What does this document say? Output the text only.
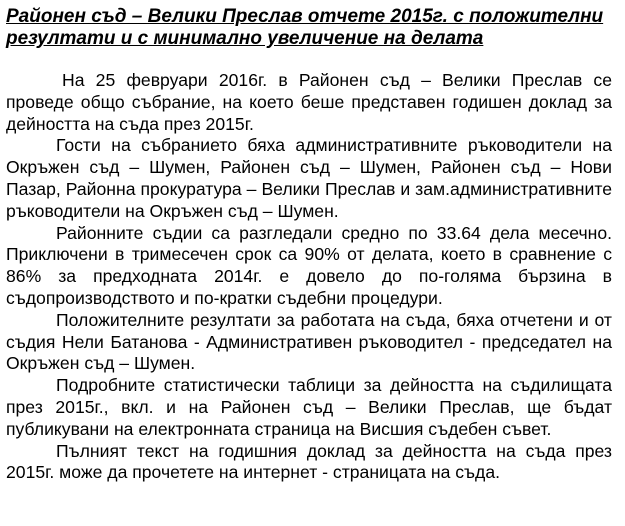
Районен съд – Велики Преслав отчете 2015г. с положителни
резултати и с минимално увеличение на делата

На 25 февруари 2016г. в Районен съд – Велики Преслав се проведе общо събрание, на което беше представен годишен доклад за дейността на съда през 2015г.

Гости на събранието бяха административните ръководители на Окръжен съд – Шумен, Районен съд – Шумен, Районен съд – Нови Пазар, Районна прокуратура – Велики Преслав и зам.административните ръководители на Окръжен съд – Шумен.

Районните съдии са разгледали средно по 33.64 дела месечно. Приключени в тримесечен срок са 90% от делата, което в сравнение с 86% за предходната 2014г. е довело до по-голяма бързина в съдопроизводството и по-кратки съдебни процедури.

Положителните резултати за работата на съда, бяха отчетени и от съдия Нели Батанова - Административен ръководител - председател на Окръжен съд – Шумен.

Подробните статистически таблици за дейността на съдилищата през 2015г., вкл. и на Районен съд – Велики Преслав, ще бъдат публикувани на електронната страница на Висшия съдебен съвет.

Пълният текст на годишния доклад за дейността на съда през 2015г. може да прочетете на интернет - страницата на съда.
